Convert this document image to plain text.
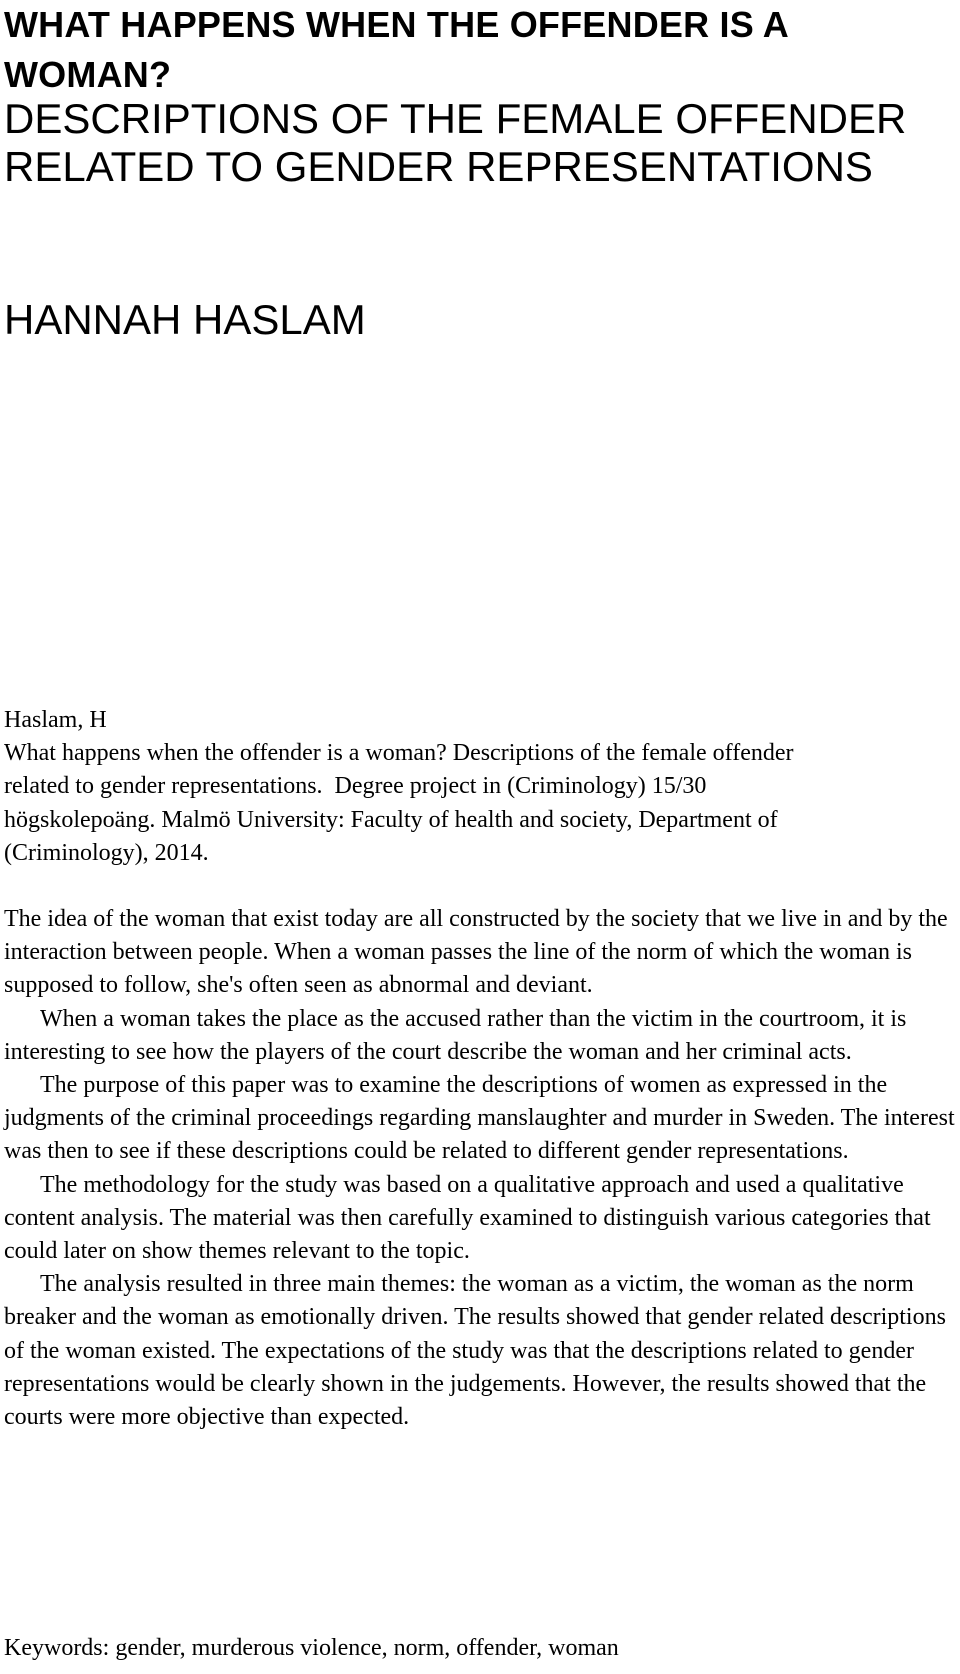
WHAT HAPPENS WHEN THE OFFENDER IS A
WOMAN?
DESCRIPTIONS OF THE FEMALE OFFENDER
RELATED TO GENDER REPRESENTATIONS
HANNAH HASLAM

Haslam, H
What happens when the offender is a woman? Descriptions of the female offender
related to gender representations.  Degree project in (Criminology) 15/30
högskolepoäng. Malmö University: Faculty of health and society, Department of
(Criminology), 2014.

The idea of the woman that exist today are all constructed by the society that we live in and by the interaction between people. When a woman passes the line of the norm of which the woman is supposed to follow, she's often seen as abnormal and deviant.

When a woman takes the place as the accused rather than the victim in the courtroom, it is interesting to see how the players of the court describe the woman and her criminal acts.

The purpose of this paper was to examine the descriptions of women as expressed in the judgments of the criminal proceedings regarding manslaughter and murder in Sweden. The interest was then to see if these descriptions could be related to different gender representations.

The methodology for the study was based on a qualitative approach and used a qualitative content analysis. The material was then carefully examined to distinguish various categories that could later on show themes relevant to the topic.

The analysis resulted in three main themes: the woman as a victim, the woman as the norm breaker and the woman as emotionally driven. The results showed that gender related descriptions of the woman existed. The expectations of the study was that the descriptions related to gender representations would be clearly shown in the judgements. However, the results showed that the courts were more objective than expected.

Keywords: gender, murderous violence, norm, offender, woman
